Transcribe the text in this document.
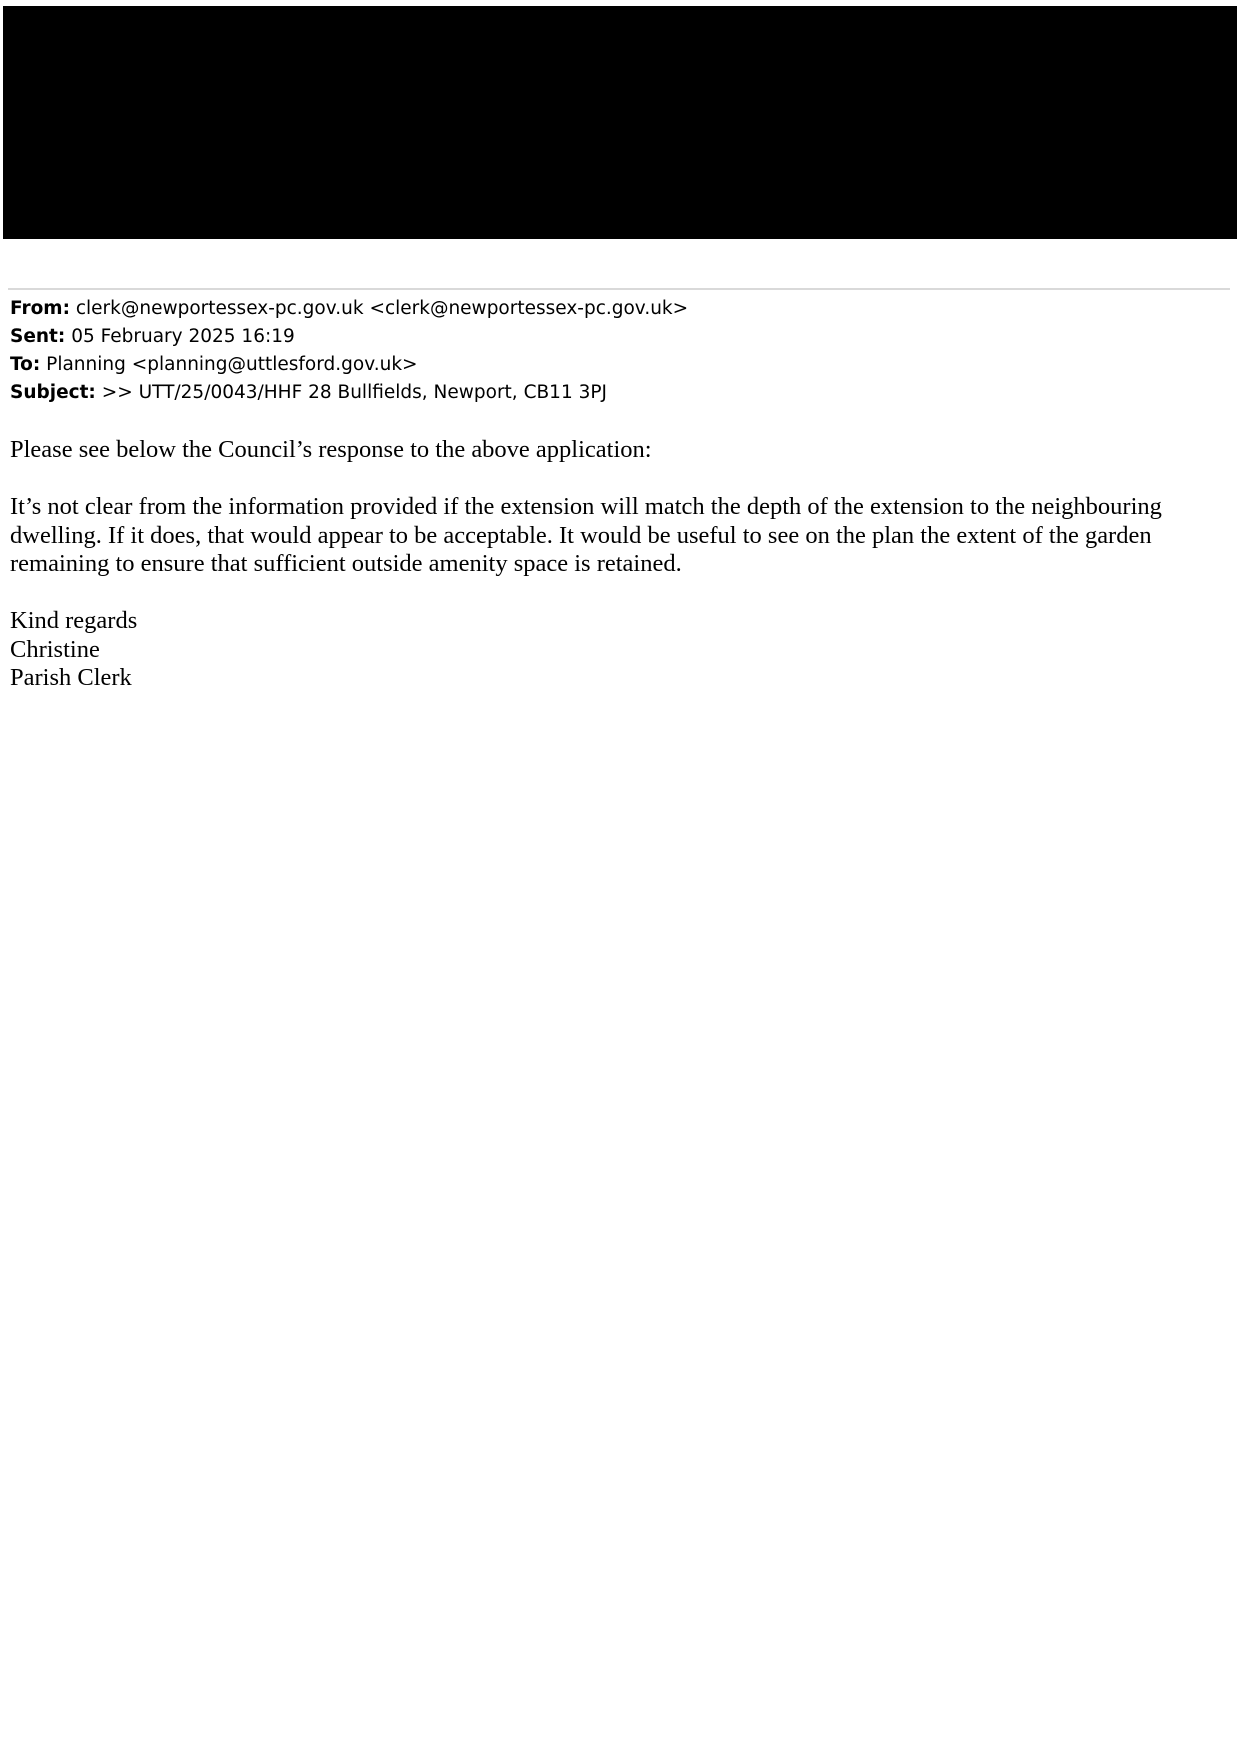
From: clerk@newportessex-pc.gov.uk <clerk@newportessex-pc.gov.uk>
Sent: 05 February 2025 16:19
To: Planning <planning@uttlesford.gov.uk>
Subject: >> UTT/25/0043/HHF 28 Bullfields, Newport, CB11 3PJ

Please see below the Council’s response to the above application:

It’s not clear from the information provided if the extension will match the depth of the extension to the neighbouring dwelling. If it does, that would appear to be acceptable. It would be useful to see on the plan the extent of the garden remaining to ensure that sufficient outside amenity space is retained.

Kind regards

Christine

Parish Clerk
